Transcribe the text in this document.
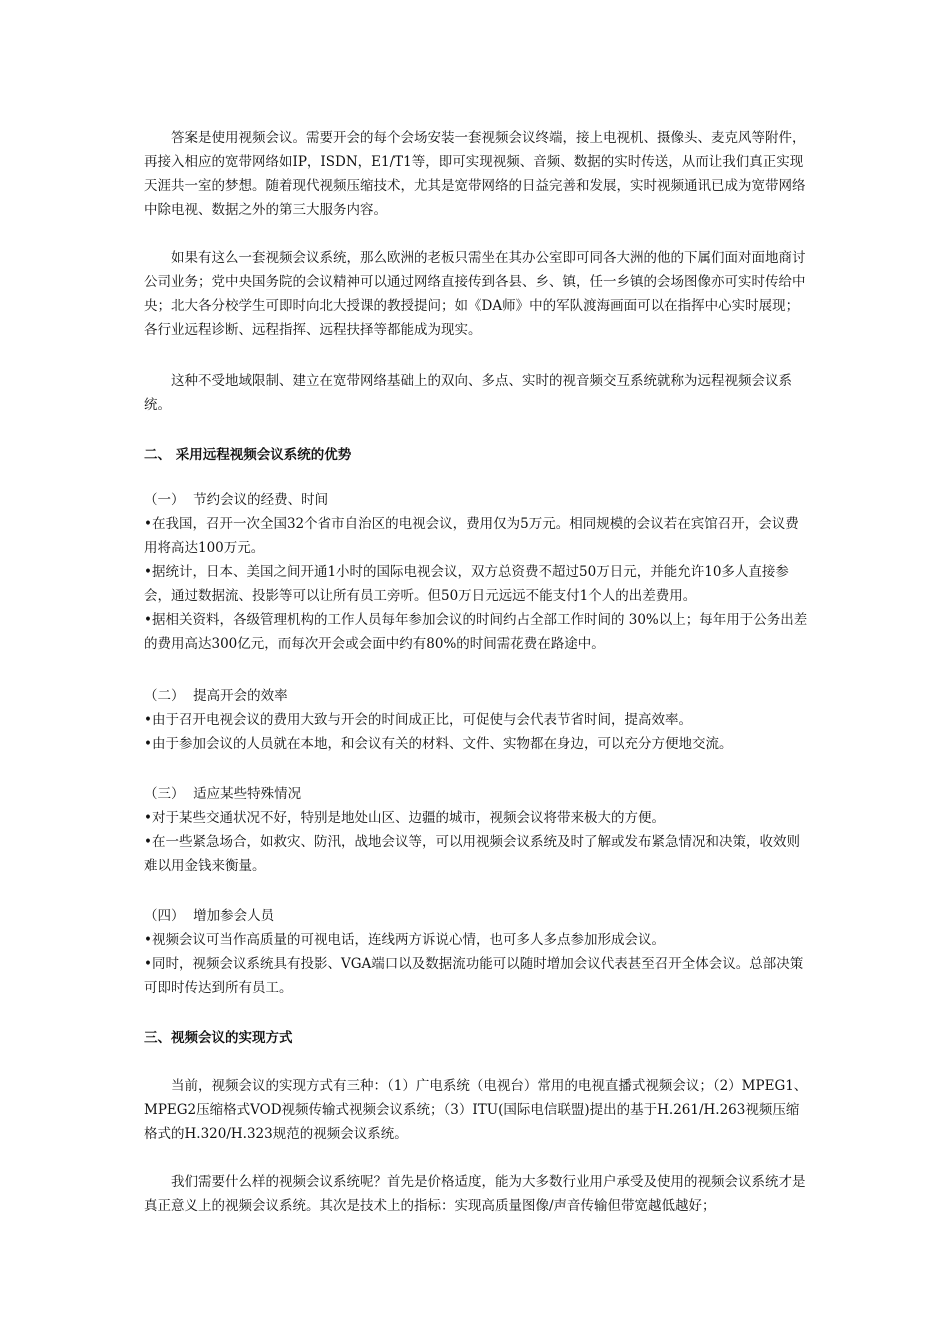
答案是使用视频会议。需要开会的每个会场安装一套视频会议终端，接上电视机、摄像头、麦克风等附件，再接入相应的宽带网络如IP，ISDN，E1/T1等，即可实现视频、音频、数据的实时传送，从而让我们真正实现天涯共一室的梦想。随着现代视频压缩技术，尤其是宽带网络的日益完善和发展，实时视频通讯已成为宽带网络中除电视、数据之外的第三大服务内容。

如果有这么一套视频会议系统，那么欧洲的老板只需坐在其办公室即可同各大洲的他的下属们面对面地商讨公司业务；党中央国务院的会议精神可以通过网络直接传到各县、乡、镇，任一乡镇的会场图像亦可实时传给中央；北大各分校学生可即时向北大授课的教授提问；如《DA师》中的军队渡海画面可以在指挥中心实时展现；各行业远程诊断、远程指挥、远程扶择等都能成为现实。

这种不受地域限制、建立在宽带网络基础上的双向、多点、实时的视音频交互系统就称为远程视频会议系统。

二、 采用远程视频会议系统的优势
（一）  节约会议的经费、时间
•在我国，召开一次全国32个省市自治区的电视会议，费用仅为5万元。相同规模的会议若在宾馆召开，会议费用将高达100万元。
•据统计，日本、美国之间开通1小时的国际电视会议，双方总资费不超过50万日元，并能允许10多人直接参会，通过数据流、投影等可以让所有员工旁听。但50万日元远远不能支付1个人的出差费用。
•据相关资料，各级管理机构的工作人员每年参加会议的时间约占全部工作时间的 30%以上；每年用于公务出差的费用高达300亿元，而每次开会或会面中约有80%的时间需花费在路途中。
（二）  提高开会的效率
•由于召开电视会议的费用大致与开会的时间成正比，可促使与会代表节省时间，提高效率。
•由于参加会议的人员就在本地，和会议有关的材料、文件、实物都在身边，可以充分方便地交流。
（三）  适应某些特殊情况
•对于某些交通状况不好，特别是地处山区、边疆的城市，视频会议将带来极大的方便。
•在一些紧急场合，如救灾、防汛，战地会议等，可以用视频会议系统及时了解或发布紧急情况和决策，收效则难以用金钱来衡量。
（四）  增加参会人员
•视频会议可当作高质量的可视电话，连线两方诉说心情，也可多人多点参加形成会议。
•同时，视频会议系统具有投影、VGA端口以及数据流功能可以随时增加会议代表甚至召开全体会议。总部决策可即时传达到所有员工。
三、视频会议的实现方式

当前，视频会议的实现方式有三种：（1）广电系统（电视台）常用的电视直播式视频会议；（2）MPEG1、MPEG2压缩格式VOD视频传输式视频会议系统；（3）ITU(国际电信联盟)提出的基于H.261/H.263视频压缩格式的H.320/H.323规范的视频会议系统。

我们需要什么样的视频会议系统呢？首先是价格适度，能为大多数行业用户承受及使用的视频会议系统才是真正意义上的视频会议系统。其次是技术上的指标：实现高质量图像/声音传输但带宽越低越好；
